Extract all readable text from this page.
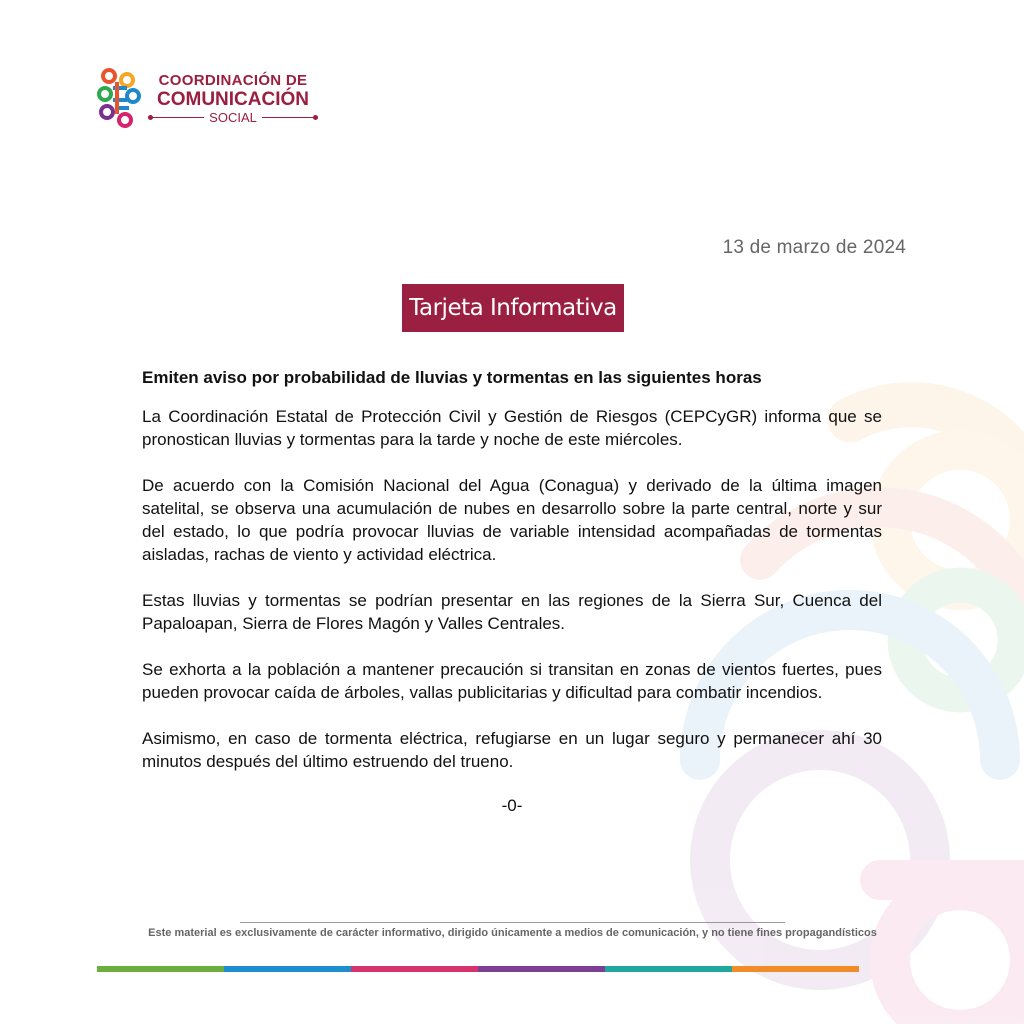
COORDINACIÓN DE
COMUNICACIÓN
SOCIAL
13 de marzo de 2024
Tarjeta Informativa

Emiten aviso por probabilidad de lluvias y tormentas en las siguientes horas

La Coordinación Estatal de Protección Civil y Gestión de Riesgos (CEPCyGR) informa que se pronostican lluvias y tormentas para la tarde y noche de este miércoles.

De acuerdo con la Comisión Nacional del Agua (Conagua) y derivado de la última imagen satelital, se observa una acumulación de nubes en desarrollo sobre la parte central, norte y sur del estado, lo que podría provocar lluvias de variable intensidad acompañadas de tormentas aisladas, rachas de viento y actividad eléctrica.

Estas lluvias y tormentas se podrían presentar en las regiones de la Sierra Sur, Cuenca del Papaloapan, Sierra de Flores Magón y Valles Centrales.

Se exhorta a la población a mantener precaución si transitan en zonas de vientos fuertes, pues pueden provocar caída de árboles, vallas publicitarias y dificultad para combatir incendios.

Asimismo, en caso de tormenta eléctrica, refugiarse en un lugar seguro y permanecer ahí 30 minutos después del último estruendo del trueno.

-0-
Este material es exclusivamente de carácter informativo, dirigido únicamente a medios de comunicación, y no tiene fines propagandísticos
